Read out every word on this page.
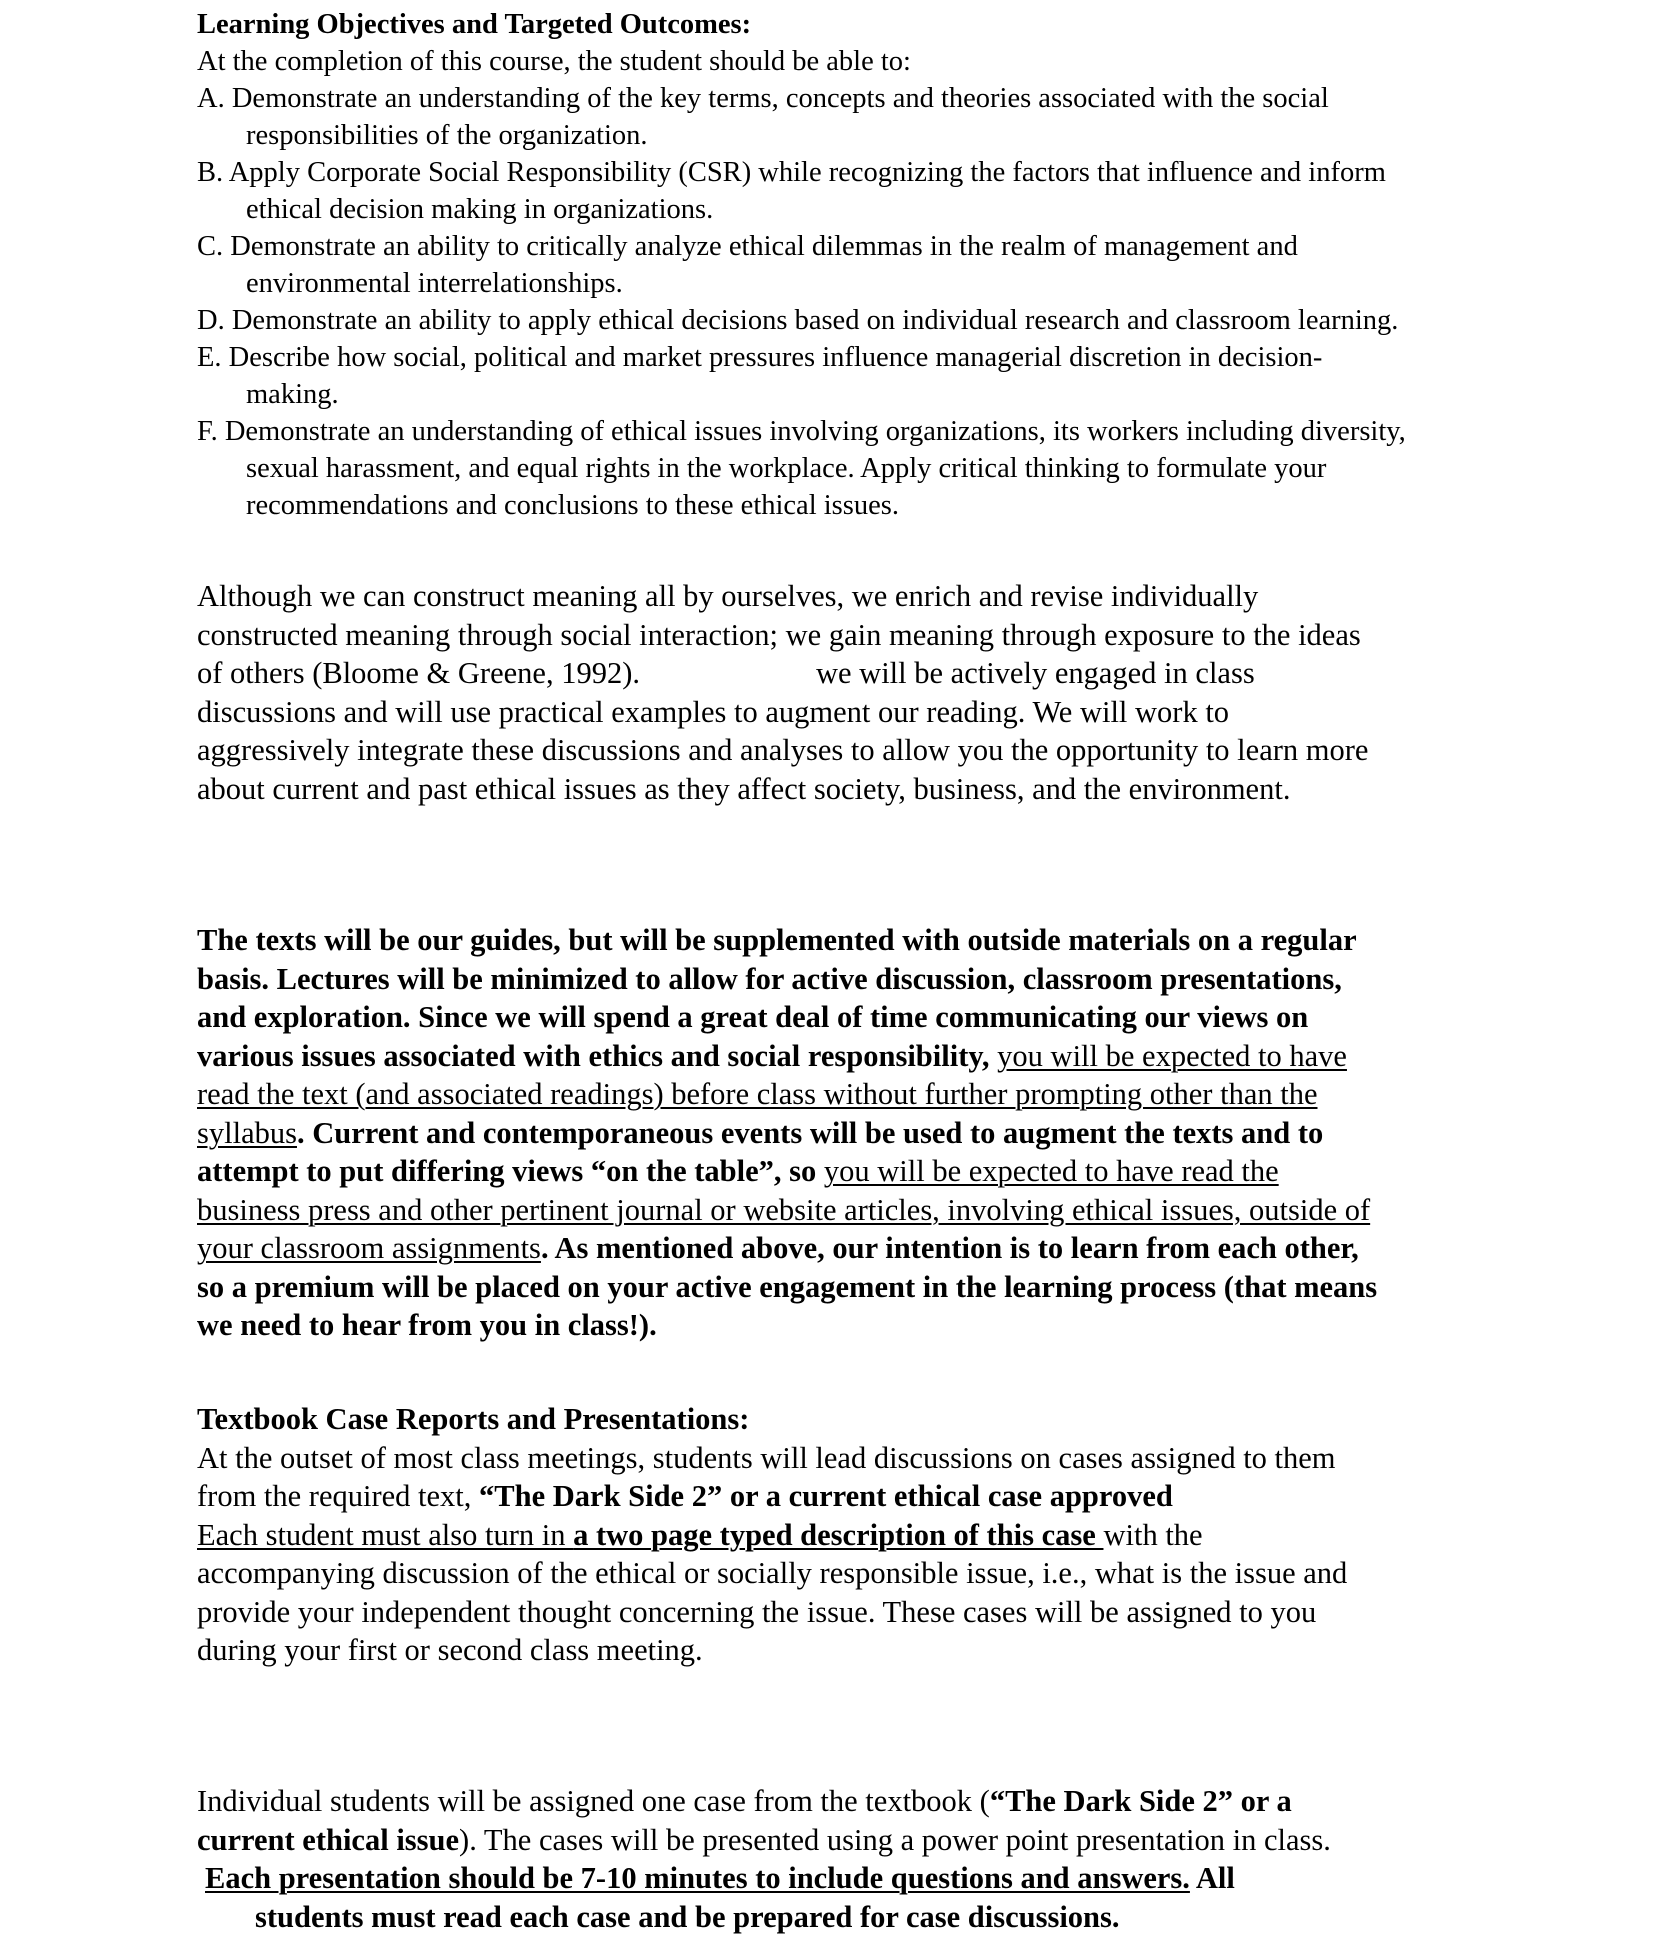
Learning Objectives and Targeted Outcomes:
At the completion of this course, the student should be able to:
A. Demonstrate an understanding of the key terms, concepts and theories associated with the social
responsibilities of the organization.
B. Apply Corporate Social Responsibility (CSR) while recognizing the factors that influence and inform
ethical decision making in organizations.
C. Demonstrate an ability to critically analyze ethical dilemmas in the realm of management and
environmental interrelationships.
D. Demonstrate an ability to apply ethical decisions based on individual research and classroom learning.
E. Describe how social, political and market pressures influence managerial discretion in decision-
making.
F. Demonstrate an understanding of ethical issues involving organizations, its workers including diversity,
sexual harassment, and equal rights in the workplace. Apply critical thinking to formulate your
recommendations and conclusions to these ethical issues.
Although we can construct meaning all by ourselves, we enrich and revise individually
constructed meaning through social interaction; we gain meaning through exposure to the ideas
of others (Bloome & Greene, 1992).	we will be actively engaged in class
discussions and will use practical examples to augment our reading. We will work to
aggressively integrate these discussions and analyses to allow you the opportunity to learn more
about current and past ethical issues as they affect society, business, and the environment.
The texts will be our guides, but will be supplemented with outside materials on a regular
basis. Lectures will be minimized to allow for active discussion, classroom presentations,
and exploration. Since we will spend a great deal of time communicating our views on
various issues associated with ethics and social responsibility, you will be expected to have
read the text (and associated readings) before class without further prompting other than the
syllabus. Current and contemporaneous events will be used to augment the texts and to
attempt to put differing views “on the table”, so you will be expected to have read the
business press and other pertinent journal or website articles, involving ethical issues, outside of
your classroom assignments. As mentioned above, our intention is to learn from each other,
so a premium will be placed on your active engagement in the learning process (that means
we need to hear from you in class!).
Textbook Case Reports and Presentations:
At the outset of most class meetings, students will lead discussions on cases assigned to them
from the required text, “The Dark Side 2” or a current ethical case approved
Each student must also turn in a two page typed description of this case with the
accompanying discussion of the ethical or socially responsible issue, i.e., what is the issue and
provide your independent thought concerning the issue. These cases will be assigned to you
during your first or second class meeting.
Individual students will be assigned one case from the textbook (“The Dark Side 2” or a
current ethical issue). The cases will be presented using a power point presentation in class.
Each presentation should be 7-10 minutes to include questions and answers. All
students must read each case and be prepared for case discussions.
